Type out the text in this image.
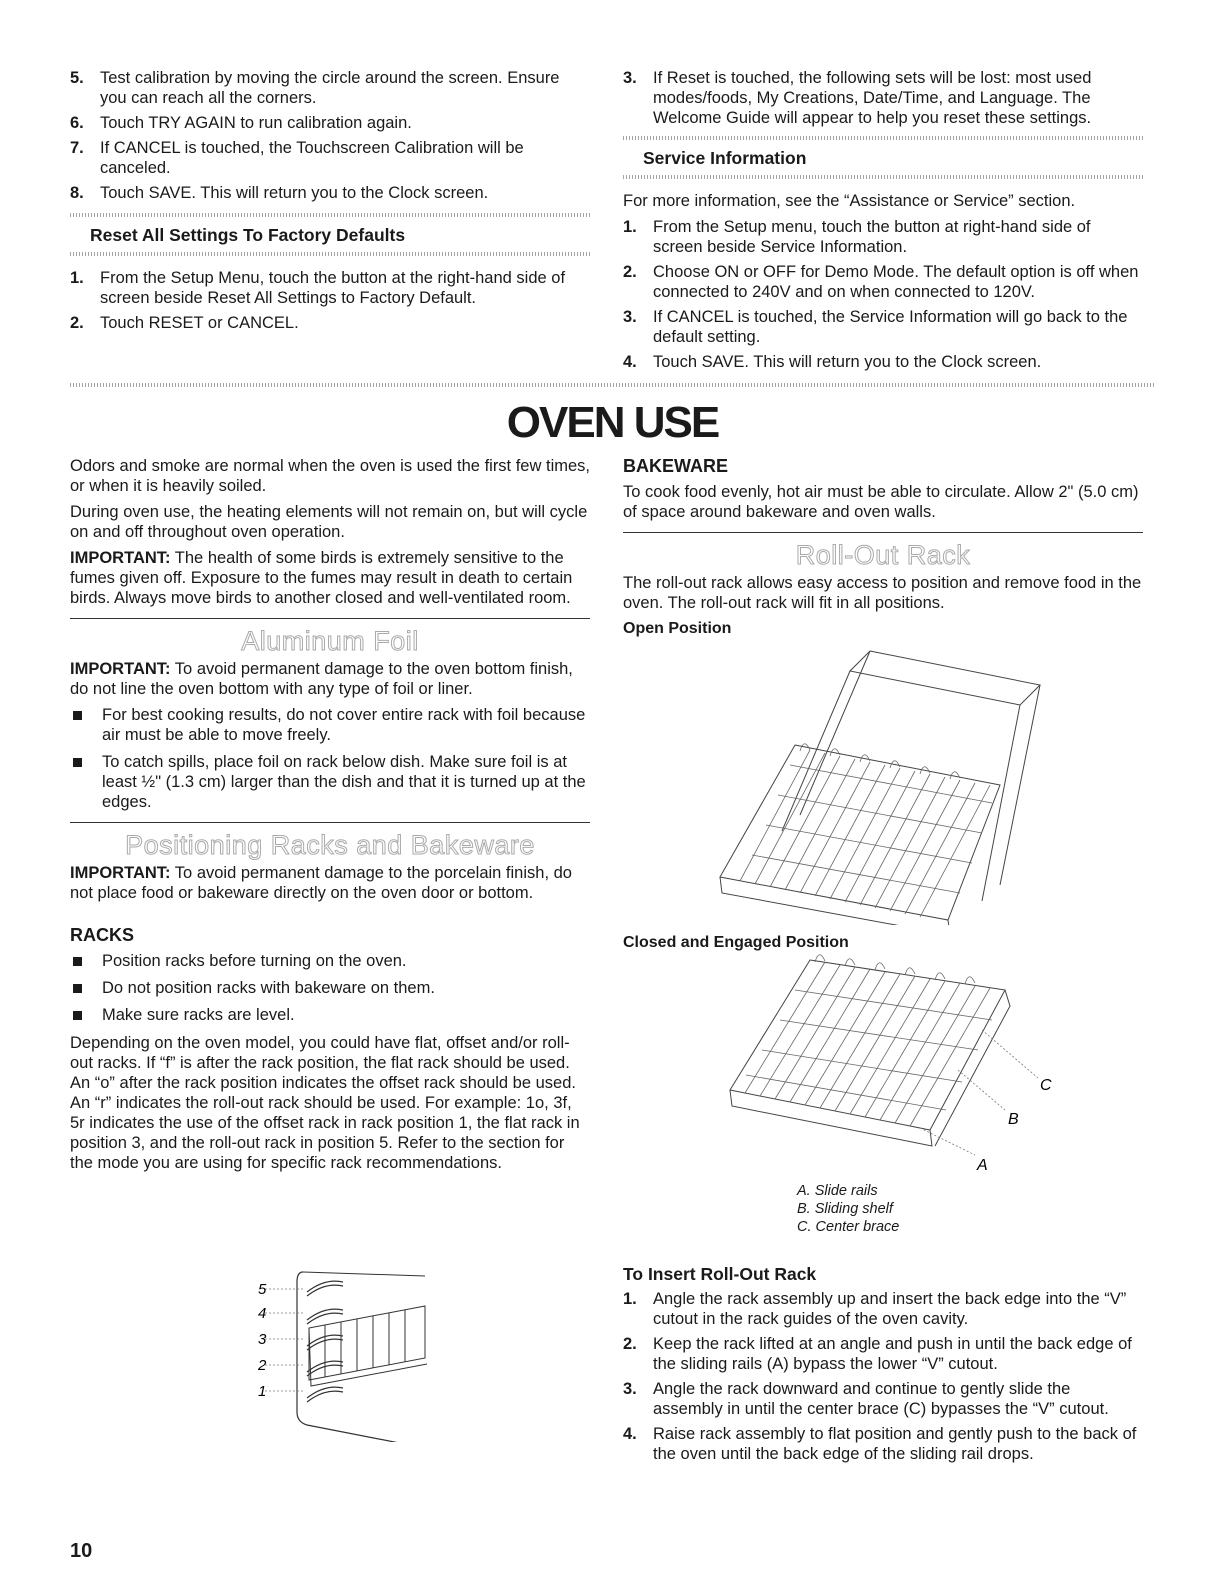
5. Test calibration by moving the circle around the screen. Ensure you can reach all the corners.
6. Touch TRY AGAIN to run calibration again.
7. If CANCEL is touched, the Touchscreen Calibration will be canceled.
8. Touch SAVE. This will return you to the Clock screen.
Reset All Settings To Factory Defaults
1. From the Setup Menu, touch the button at the right-hand side of screen beside Reset All Settings to Factory Default.
2. Touch RESET or CANCEL.
3. If Reset is touched, the following sets will be lost: most used modes/foods, My Creations, Date/Time, and Language. The Welcome Guide will appear to help you reset these settings.
Service Information

For more information, see the “Assistance or Service” section.

1. From the Setup menu, touch the button at right-hand side of screen beside Service Information.
2. Choose ON or OFF for Demo Mode. The default option is off when connected to 240V and on when connected to 120V.
3. If CANCEL is touched, the Service Information will go back to the default setting.
4. Touch SAVE. This will return you to the Clock screen.
OVEN USE

Odors and smoke are normal when the oven is used the first few times, or when it is heavily soiled.

During oven use, the heating elements will not remain on, but will cycle on and off throughout oven operation.

IMPORTANT: The health of some birds is extremely sensitive to the fumes given off. Exposure to the fumes may result in death to certain birds. Always move birds to another closed and well-ventilated room.

Aluminum Foil

IMPORTANT: To avoid permanent damage to the oven bottom finish, do not line the oven bottom with any type of foil or liner.

For best cooking results, do not cover entire rack with foil because air must be able to move freely.
To catch spills, place foil on rack below dish. Make sure foil is at least ½" (1.3 cm) larger than the dish and that it is turned up at the edges.
Positioning Racks and Bakeware

IMPORTANT: To avoid permanent damage to the porcelain finish, do not place food or bakeware directly on the oven door or bottom.

RACKS
Position racks before turning on the oven.
Do not position racks with bakeware on them.
Make sure racks are level.

Depending on the oven model, you could have flat, offset and/or roll-out racks. If “f” is after the rack position, the flat rack should be used. An “o” after the rack position indicates the offset rack should be used. An “r” indicates the roll-out rack should be used. For example: 1o, 3f, 5r indicates the use of the offset rack in rack position 1, the flat rack in position 3, and the roll-out rack in position 5. Refer to the section for the mode you are using for specific rack recommendations.

5
4
3
2
1
BAKEWARE

To cook food evenly, hot air must be able to circulate. Allow 2" (5.0 cm) of space around bakeware and oven walls.

Roll-Out Rack

The roll-out rack allows easy access to position and remove food in the oven. The roll-out rack will fit in all positions.

Open Position
Closed and Engaged Position
C
B
A
A. Slide rails
B. Sliding shelf
C. Center brace
To Insert Roll-Out Rack
1. Angle the rack assembly up and insert the back edge into the “V” cutout in the rack guides of the oven cavity.
2. Keep the rack lifted at an angle and push in until the back edge of the sliding rails (A) bypass the lower “V” cutout.
3. Angle the rack downward and continue to gently slide the assembly in until the center brace (C) bypasses the “V” cutout.
4. Raise rack assembly to flat position and gently push to the back of the oven until the back edge of the sliding rail drops.
10
